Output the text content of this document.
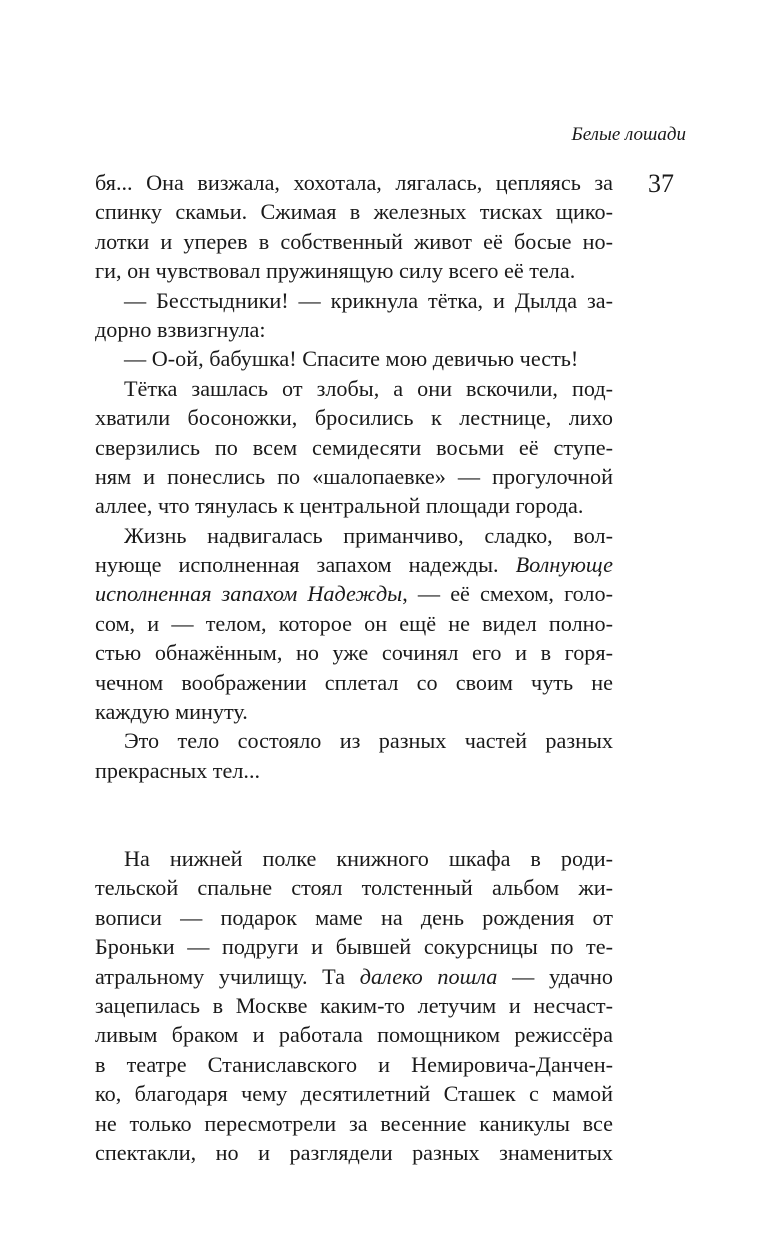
Белые лошади
37
бя... Она визжала, хохотала, лягалась, цепляясь за
спинку скамьи. Сжимая в железных тисках щико-
лотки и уперев в собственный живот её босые но-
ги, он чувствовал пружинящую силу всего её тела.
— Бесстыдники! — крикнула тётка, и Дылда за-
дорно взвизгнула:
— О-ой, бабушка! Спасите мою девичью честь!
Тётка зашлась от злобы, а они вскочили, под-
хватили босоножки, бросились к лестнице, лихо
сверзились по всем семидесяти восьми её ступе-
ням и понеслись по «шалопаевке» — прогулочной
аллее, что тянулась к центральной площади города.
Жизнь надвигалась приманчиво, сладко, вол-
нующе исполненная запахом надежды. Волнующе
исполненная запахом Надежды, — её смехом, голо-
сом, и — телом, которое он ещё не видел полно-
стью обнажённым, но уже сочинял его и в горя-
чечном воображении сплетал со своим чуть не
каждую минуту.
Это тело состояло из разных частей разных
прекрасных тел...
На нижней полке книжного шкафа в роди-
тельской спальне стоял толстенный альбом жи-
вописи — подарок маме на день рождения от
Броньки — подруги и бывшей сокурсницы по те-
атральному училищу. Та далеко пошла — удачно
зацепилась в Москве каким-то летучим и несчаст-
ливым браком и работала помощником режиссёра
в театре Станиславского и Немировича-Данчен-
ко, благодаря чему десятилетний Сташек с мамой
не только пересмотрели за весенние каникулы все
спектакли, но и разглядели разных знаменитых
